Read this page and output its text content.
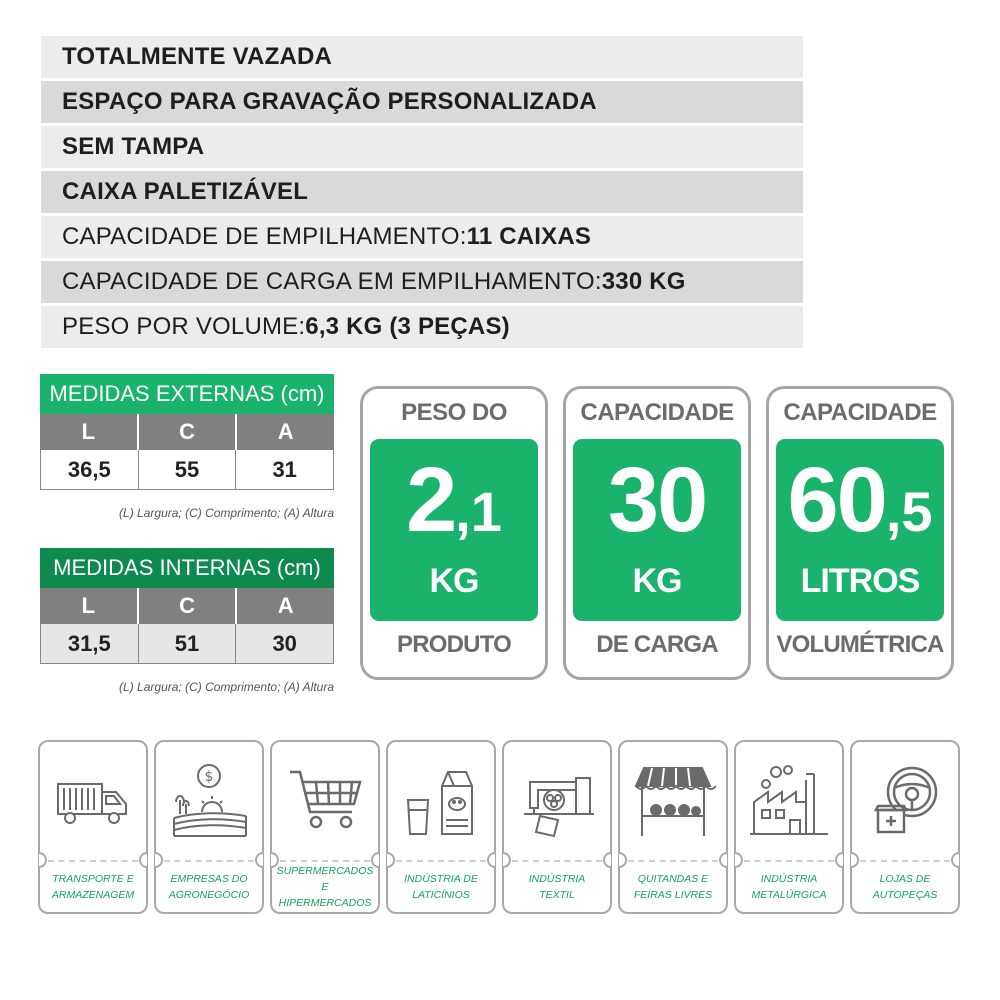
TOTALMENTE VAZADA
ESPAÇO PARA GRAVAÇÃO PERSONALIZADA
SEM TAMPA
CAIXA PALETIZÁVEL
CAPACIDADE DE EMPILHAMENTO: 11 CAIXAS
CAPACIDADE DE CARGA EM EMPILHAMENTO: 330 KG
PESO POR VOLUME: 6,3 KG (3 PEÇAS)
MEDIDAS EXTERNAS (cm)
L	C	A
36,5	55	31
(L) Largura; (C) Comprimento; (A) Altura
MEDIDAS INTERNAS (cm)
L	C	A
31,5	51	30
(L) Largura; (C) Comprimento; (A) Altura
PESO DO
2,1
KG
PRODUTO
CAPACIDADE
30
KG
DE CARGA
CAPACIDADE
60,5
LITROS
VOLUMÉTRICA
TRANSPORTE E
ARMAZENAGEM
$
EMPRESAS DO
AGRONEGÓCIO
SUPERMERCADOS E
HIPERMERCADOS
INDÚSTRIA DE
LATICÍNIOS
INDÚSTRIA
TEXTIL
QUITANDAS E
FEIRAS LIVRES
INDÚSTRIA
METALÚRGICA
LOJAS DE
AUTOPEÇAS
